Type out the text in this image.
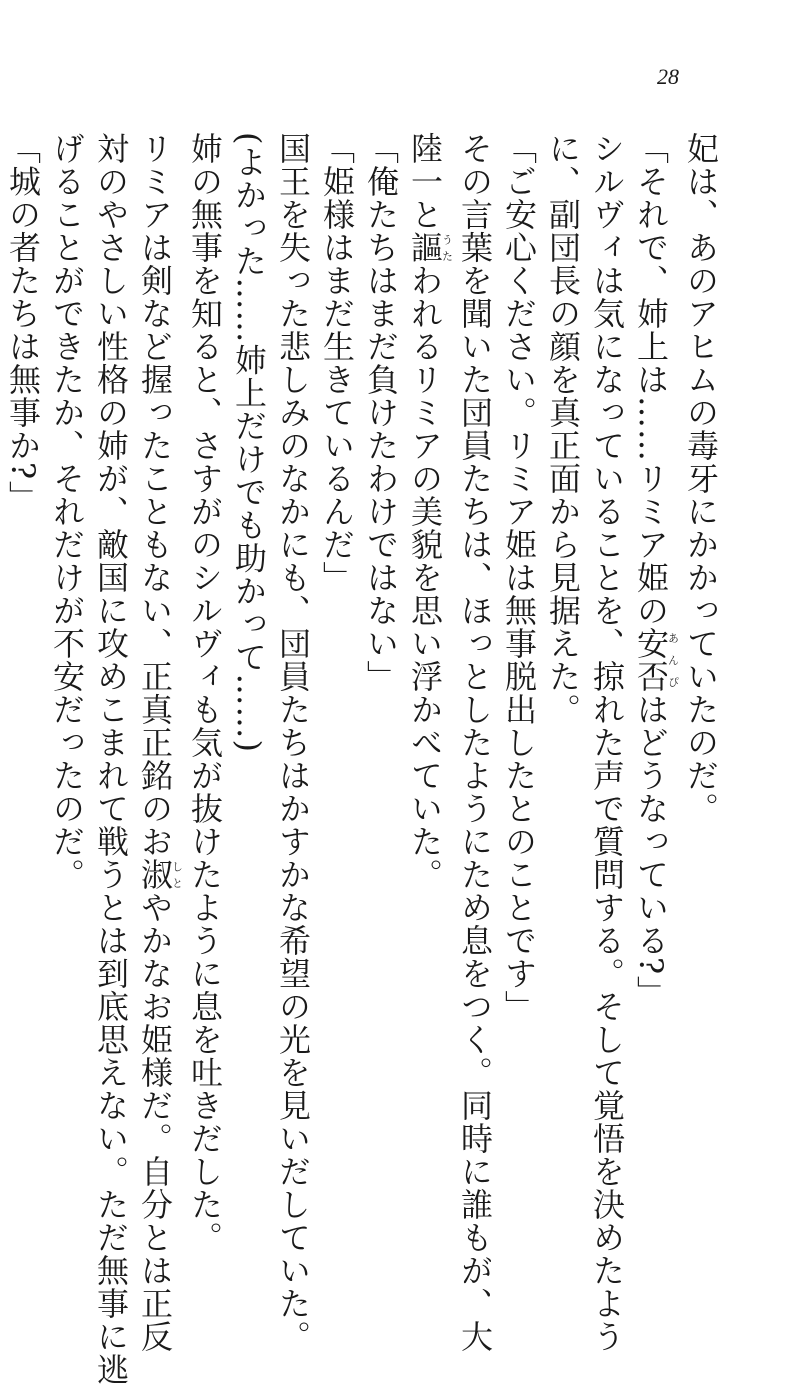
28
妃は、あのアヒムの毒牙にかかっていたのだ。
「それで、姉上は……リミア姫の安否あんぴはどうなっている?」
シルヴィは気になっていることを、掠れた声で質問する。そして覚悟を決めたよう
に、副団長の顔を真正面から見据えた。
「ご安心ください。リミア姫は無事脱出したとのことです」
その言葉を聞いた団員たちは、ほっとしたようにため息をつく。同時に誰もが、大
陸一と謳うたわれるリミアの美貌を思い浮かべていた。
「俺たちはまだ負けたわけではない」
「姫様はまだ生きているんだ」
国王を失った悲しみのなかにも、団員たちはかすかな希望の光を見いだしていた。
(よかった……姉上だけでも助かって……)
姉の無事を知ると、さすがのシルヴィも気が抜けたように息を吐きだした。
リミアは剣など握ったこともない、正真正銘のお淑しとやかなお姫様だ。自分とは正反
対のやさしい性格の姉が、敵国に攻めこまれて戦うとは到底思えない。ただ無事に逃
げることができたか、それだけが不安だったのだ。
「城の者たちは無事か?」
